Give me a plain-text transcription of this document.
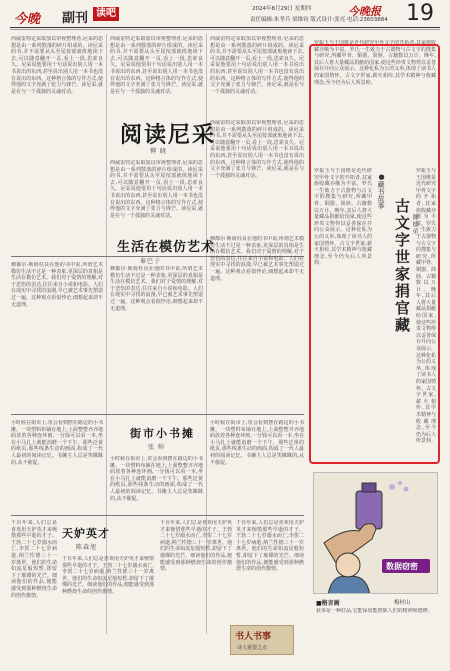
今晚 副刊 读吧	2024年8月29日 星期四	今晚报 19
责任编辑:朱孝兵 梁维钧 版式设计:张亮 电话:23603884
西威雷特定采取加以审视整理者,尼采的思想是由一系列散落的碎片组成的。读尼采的书,并不需要从头至尾按部就班地读下去,可以随意翻开一页,看上一段,思索良久。尼采说他要用十句话说出别人用一本书说出的东西,甚至说出别人用一本书也没有说出的东西。这种格言体的写作方式,使得他的文字充满了张力与锋芒。读尼采,就是在与一个孤独的灵魂对话。
西威雷特定采取加以审视整理者,尼采的思想是由一系列散落的碎片组成的。读尼采的书,并不需要从头至尾按部就班地读下去,可以随意翻开一页,看上一段,思索良久。尼采说他要用十句话说出别人用一本书说出的东西,甚至说出别人用一本书也没有说出的东西。这种格言体的写作方式,使得他的文字充满了张力与锋芒。读尼采,就是在与一个孤独的灵魂对话。
西威雷特定采取加以审视整理者,尼采的思想是由一系列散落的碎片组成的。读尼采的书,并不需要从头至尾按部就班地读下去,可以随意翻开一页,看上一段,思索良久。尼采说他要用十句话说出别人用一本书说出的东西,甚至说出别人用一本书也没有说出的东西。这种格言体的写作方式,使得他的文字充满了张力与锋芒。读尼采,就是在与一个孤独的灵魂对话。
阅读尼采
柳 晓
西威雷特定采取加以审视整理者,尼采的思想是由一系列散落的碎片组成的。读尼采的书,并不需要从头至尾按部就班地读下去,可以随意翻开一页,看上一段,思索良久。尼采说他要用十句话说出别人用一本书说出的东西,甚至说出别人用一本书也没有说出的东西。这种格言体的写作方式,使得他的文字充满了张力与锋芒。读尼采,就是在与一个孤独的灵魂对话。
西威雷特定采取加以审视整理者,尼采的思想是由一系列散落的碎片组成的。读尼采的书,并不需要从头至尾按部就班地读下去,可以随意翻开一页,看上一段,思索良久。尼采说他要用十句话说出别人用一本书说出的东西,甚至说出别人用一本书也没有说出的东西。这种格言体的写作方式,使得他的文字充满了张力与锋芒。读尼采,就是在与一个孤独的灵魂对话。
穆都尔·斯姆柱良在他的书中说,所谓艺术模仿生活不过是一种表象,更深层的真相是生活在模仿艺术。我们对于爱情的理解,对于悲伤的表达,往往来自小说和电影。人们在现实中寻找的浪漫,早已被艺术事先塑造过一遍。这种观点看似悖论,细想起来却不无道理。
生活在模仿艺术
秦巴子
穆都尔·斯姆柱良在他的书中说,所谓艺术模仿生活不过是一种表象,更深层的真相是生活在模仿艺术。我们对于爱情的理解,对于悲伤的表达,往往来自小说和电影。人们在现实中寻找的浪漫,早已被艺术事先塑造过一遍。这种观点看似悖论,细想起来却不无道理。
穆都尔·斯姆柱良在他的书中说,所谓艺术模仿生活不过是一种表象,更深层的真相是生活在模仿艺术。我们对于爱情的理解,对于悲伤的表达,往往来自小说和电影。人们在现实中寻找的浪漫,早已被艺术事先塑造过一遍。这种观点看似悖论,细想起来却不无道理。
小时候在街市上,常会看到摆在路边的小书摊。一块塑料布铺在地上,上面整整齐齐地码放着各种连环画,一分钱可以看一本,坐在小马扎上就能消磨一个下午。那些泛黄的纸页,那些线条生动的画面,构成了一代人最初的阅读记忆。书摊主人总是笑眯眯的,从不催促。
街市小书摊
张 帅
小时候在街市上,常会看到摆在路边的小书摊。一块塑料布铺在地上,上面整整齐齐地码放着各种连环画,一分钱可以看一本,坐在小马扎上就能消磨一个下午。那些泛黄的纸页,那些线条生动的画面,构成了一代人最初的阅读记忆。书摊主人总是笑眯眯的,从不催促。
小时候在街市上,常会看到摆在路边的小书摊。一块塑料布铺在地上,上面整整齐齐地码放着各种连环画,一分钱可以看一本,坐在小马扎上就能消磨一个下午。那些泛黄的纸页,那些线条生动的画面,构成了一代人最初的阅读记忆。书摊主人总是笑眯眯的,从不催促。
天妒英才
陈森旭
千百年来,人们总是喜欢用天妒英才来惋惜那些早逝的才子。王勃二十七岁溺水而亡,李贺二十七岁病逝,纳兰性德三十一岁离世。他们的生命如流星般短暂,却留下了璀璨的光芒。细读他们的作品,便能感受到那种燃烧生命的创作激情。
千百年来,人们总是喜欢用天妒英才来惋惜那些早逝的才子。王勃二十七岁溺水而亡,李贺二十七岁病逝,纳兰性德三十一岁离世。他们的生命如流星般短暂,却留下了璀璨的光芒。细读他们的作品,便能感受到那种燃烧生命的创作激情。
千百年来,人们总是喜欢用天妒英才来惋惜那些早逝的才子。王勃二十七岁溺水而亡,李贺二十七岁病逝,纳兰性德三十一岁离世。他们的生命如流星般短暂,却留下了璀璨的光芒。细读他们的作品,便能感受到那种燃烧生命的创作激情。
千百年来,人们总是喜欢用天妒英才来惋惜那些早逝的才子。王勃二十七岁溺水而亡,李贺二十七岁病逝,纳兰性德三十一岁离世。他们的生命如流星般短暂,却留下了璀璨的光芒。细读他们的作品,便能感受到那种燃烧生命的创作激情。
罗振玉与王国维是近代研究甲骨文字的开拓者,其家族收藏亦颇为丰富。罗氏一生致力于古器物与古文字的搜集与研究,所藏甲骨、铜器、简牍、古籍数以万计。晚年,其后人将大量藏品捐献给国家,使这些珍贵文物得以妥善保存并向公众展示。这种化私为公的义举,体现了读书人的家国情怀。古文字世家,薪火相传,其学术精神与收藏理念,至今仍为后人所景仰。
罗振玉与王国维是近代研究甲骨文字的开拓者,其家族收藏亦颇为丰富。罗氏一生致力于古器物与古文字的搜集与研究,所藏甲骨、铜器、简牍、古籍数以万计。晚年,其后人将大量藏品捐献给国家,使这些珍贵文物得以妥善保存并向公众展示。这种化私为公的义举,体现了读书人的家国情怀。古文字世家,薪火相传,其学术精神与收藏理念,至今仍为后人所景仰。
●藏书故事
古文字世家捐官藏 陈德弟
罗振玉与王国维是近代研究甲骨文字的开拓者,其家族收藏亦颇为丰富。罗氏一生致力于古器物与古文字的搜集与研究,所藏甲骨、铜器、简牍、古籍数以万计。晚年,其后人将大量藏品捐献给国家,使这些珍贵文物得以妥善保存并向公众展示。这种化私为公的义举,体现了读书人的家国情怀。古文字世家,薪火相传,其学术精神与收藏理念,至今仍为后人所景仰。
数据窃密
■格言画	梅村山
获零是一种好品,它能保留能推陈人们的精神和德修。
书人书事
诗人重要之点
